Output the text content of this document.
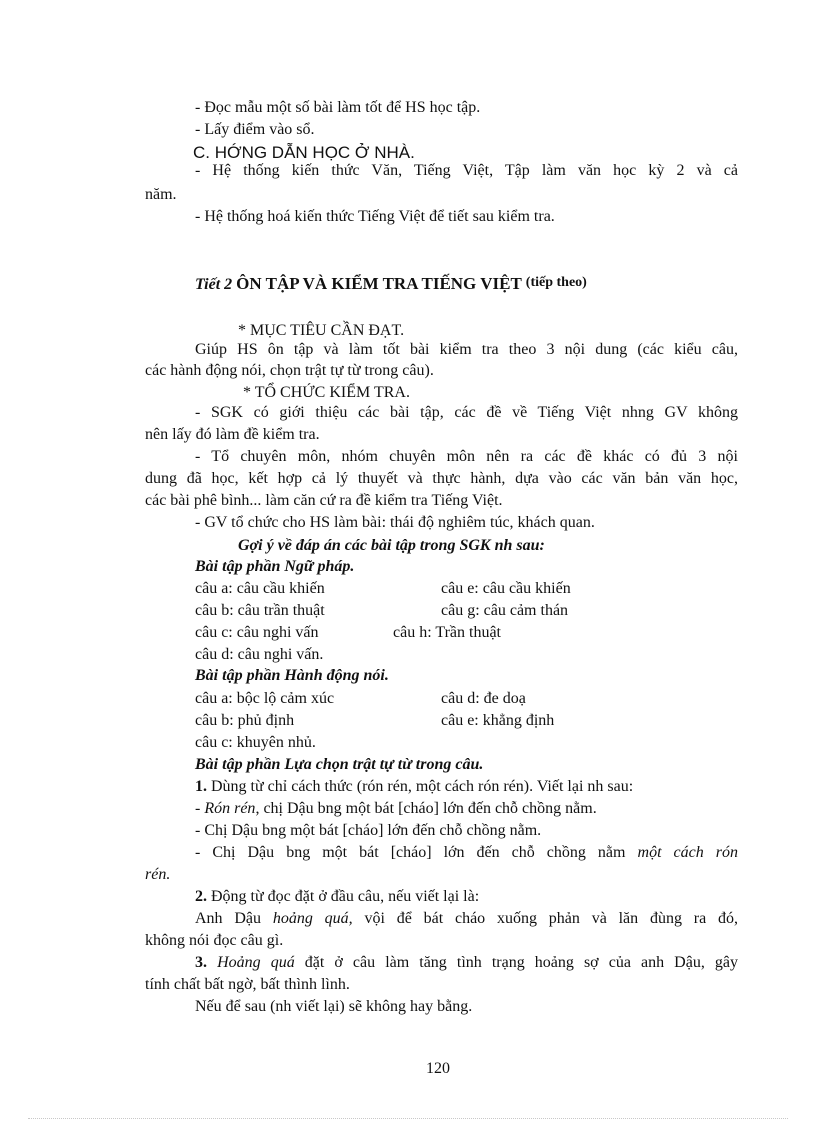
- Đọc mẫu một số bài làm tốt để HS học tập.
- Lấy điểm vào sổ.
C. HỚNG DẪN HỌC Ở NHÀ.
- Hệ thống kiến thức Văn, Tiếng Việt, Tập làm văn học kỳ 2 và cả
năm.
- Hệ thống hoá kiến thức Tiếng Việt để tiết sau kiểm tra.
Tiết 2 ÔN TẬP VÀ KIỂM TRA TIẾNG VIỆT (tiếp theo)
* MỤC TIÊU CẦN ĐẠT.
Giúp HS ôn tập và làm tốt bài kiểm tra theo 3 nội dung (các kiểu câu,
các hành động nói, chọn trật tự từ trong câu).
* TỔ CHỨC KIỂM TRA.
- SGK có giới thiệu các bài tập, các đề về Tiếng Việt nhng GV không
nên lấy đó làm đề kiểm tra.
- Tổ chuyên môn, nhóm chuyên môn nên ra các đề khác có đủ 3 nội
dung đã học, kết hợp cả lý thuyết và thực hành, dựa vào các văn bản văn học,
các bài phê bình... làm căn cứ ra đề kiểm tra Tiếng Việt.
- GV tổ chức cho HS làm bài: thái độ nghiêm túc, khách quan.
Gợi ý về đáp án các bài tập trong SGK nh sau:
Bài tập phần Ngữ pháp.
câu a: câu cầu khiến	câu e: câu cầu khiến
câu b: câu trần thuật	câu g: câu cảm thán
câu c: câu nghi vấn	câu h: Trần thuật
câu d: câu nghi vấn.
Bài tập phần Hành động nói.
câu a: bộc lộ cảm xúc	câu d: đe doạ
câu b: phủ định	câu e: khẳng định
câu c: khuyên nhủ.
Bài tập phần Lựa chọn trật tự từ trong câu.
1. Dùng từ chỉ cách thức (rón rén, một cách rón rén). Viết lại nh sau:
- Rón rén, chị Dậu bng một bát [cháo] lớn đến chỗ chồng nằm.
- Chị Dậu bng một bát [cháo] lớn đến chỗ chồng nằm.
- Chị Dậu bng một bát [cháo] lớn đến chỗ chồng nằm một cách rón
rén.
2. Động từ đọc đặt ở đầu câu, nếu viết lại là:
Anh Dậu hoảng quá, vội để bát cháo xuống phản và lăn đùng ra đó,
không nói đọc câu gì.
3. Hoảng quá đặt ở câu làm tăng tình trạng hoảng sợ của anh Dậu, gây
tính chất bất ngờ, bất thình lình.
Nếu để sau (nh viết lại) sẽ không hay bằng.
120
